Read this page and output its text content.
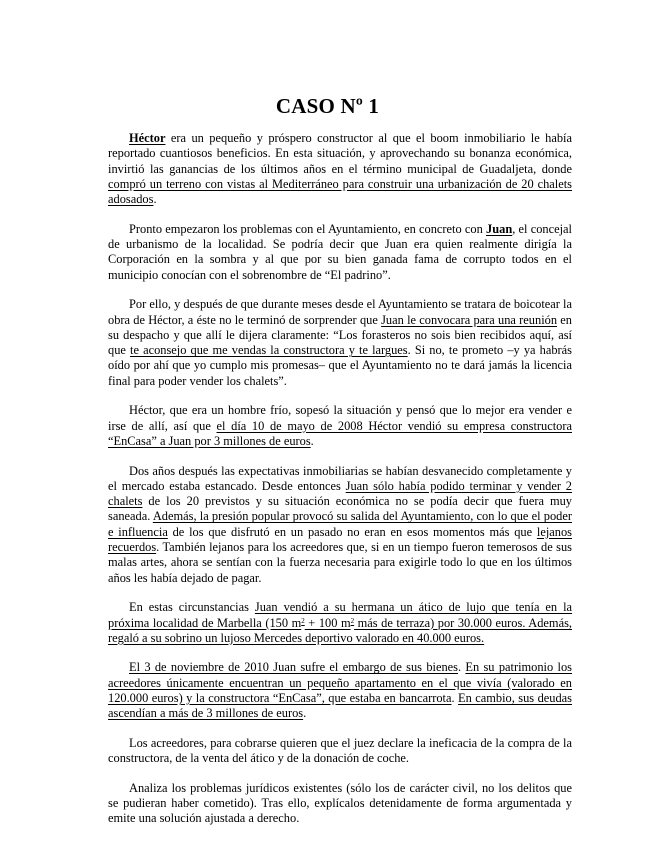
CASO Nº 1

Héctor era un pequeño y próspero constructor al que el boom inmobiliario le había reportado cuantiosos beneficios. En esta situación, y aprovechando su bonanza económica, invirtió las ganancias de los últimos años en el término municipal de Guadaljeta, donde compró un terreno con vistas al Mediterráneo para construir una urbanización de 20 chalets adosados.

Pronto empezaron los problemas con el Ayuntamiento, en concreto con Juan, el concejal de urbanismo de la localidad. Se podría decir que Juan era quien realmente dirigía la Corporación en la sombra y al que por su bien ganada fama de corrupto todos en el municipio conocían con el sobrenombre de “El padrino”.

Por ello, y después de que durante meses desde el Ayuntamiento se tratara de boicotear la obra de Héctor, a éste no le terminó de sorprender que Juan le convocara para una reunión en su despacho y que allí le dijera claramente: “Los forasteros no sois bien recibidos aquí, así que te aconsejo que me vendas la constructora y te largues. Si no, te prometo –y ya habrás oído por ahí que yo cumplo mis promesas– que el Ayuntamiento no te dará jamás la licencia final para poder vender los chalets”.

Héctor, que era un hombre frío, sopesó la situación y pensó que lo mejor era vender e irse de allí, así que el día 10 de mayo de 2008 Héctor vendió su empresa constructora “EnCasa” a Juan por 3 millones de euros.

Dos años después las expectativas inmobiliarias se habían desvanecido completamente y el mercado estaba estancado. Desde entonces Juan sólo había podido terminar y vender 2 chalets de los 20 previstos y su situación económica no se podía decir que fuera muy saneada. Además, la presión popular provocó su salida del Ayuntamiento, con lo que el poder e influencia de los que disfrutó en un pasado no eran en esos momentos más que lejanos recuerdos. También lejanos para los acreedores que, si en un tiempo fueron temerosos de sus malas artes, ahora se sentían con la fuerza necesaria para exigirle todo lo que en los últimos años les había dejado de pagar.

En estas circunstancias Juan vendió a su hermana un ático de lujo que tenía en la próxima localidad de Marbella (150 $m^2 + 100$ $m^2$ más de terraza) por 30.000 euros. Además, regaló a su sobrino un lujoso Mercedes deportivo valorado en 40.000 euros.

El 3 de noviembre de 2010 Juan sufre el embargo de sus bienes. En su patrimonio los acreedores únicamente encuentran un pequeño apartamento en el que vivía (valorado en 120.000 euros) y la constructora “EnCasa”, que estaba en bancarrota. En cambio, sus deudas ascendían a más de 3 millones de euros.

Los acreedores, para cobrarse quieren que el juez declare la ineficacia de la compra de la constructora, de la venta del ático y de la donación de coche.

Analiza los problemas jurídicos existentes (sólo los de carácter civil, no los delitos que se pudieran haber cometido). Tras ello, explícalos detenidamente de forma argumentada y emite una solución ajustada a derecho.
